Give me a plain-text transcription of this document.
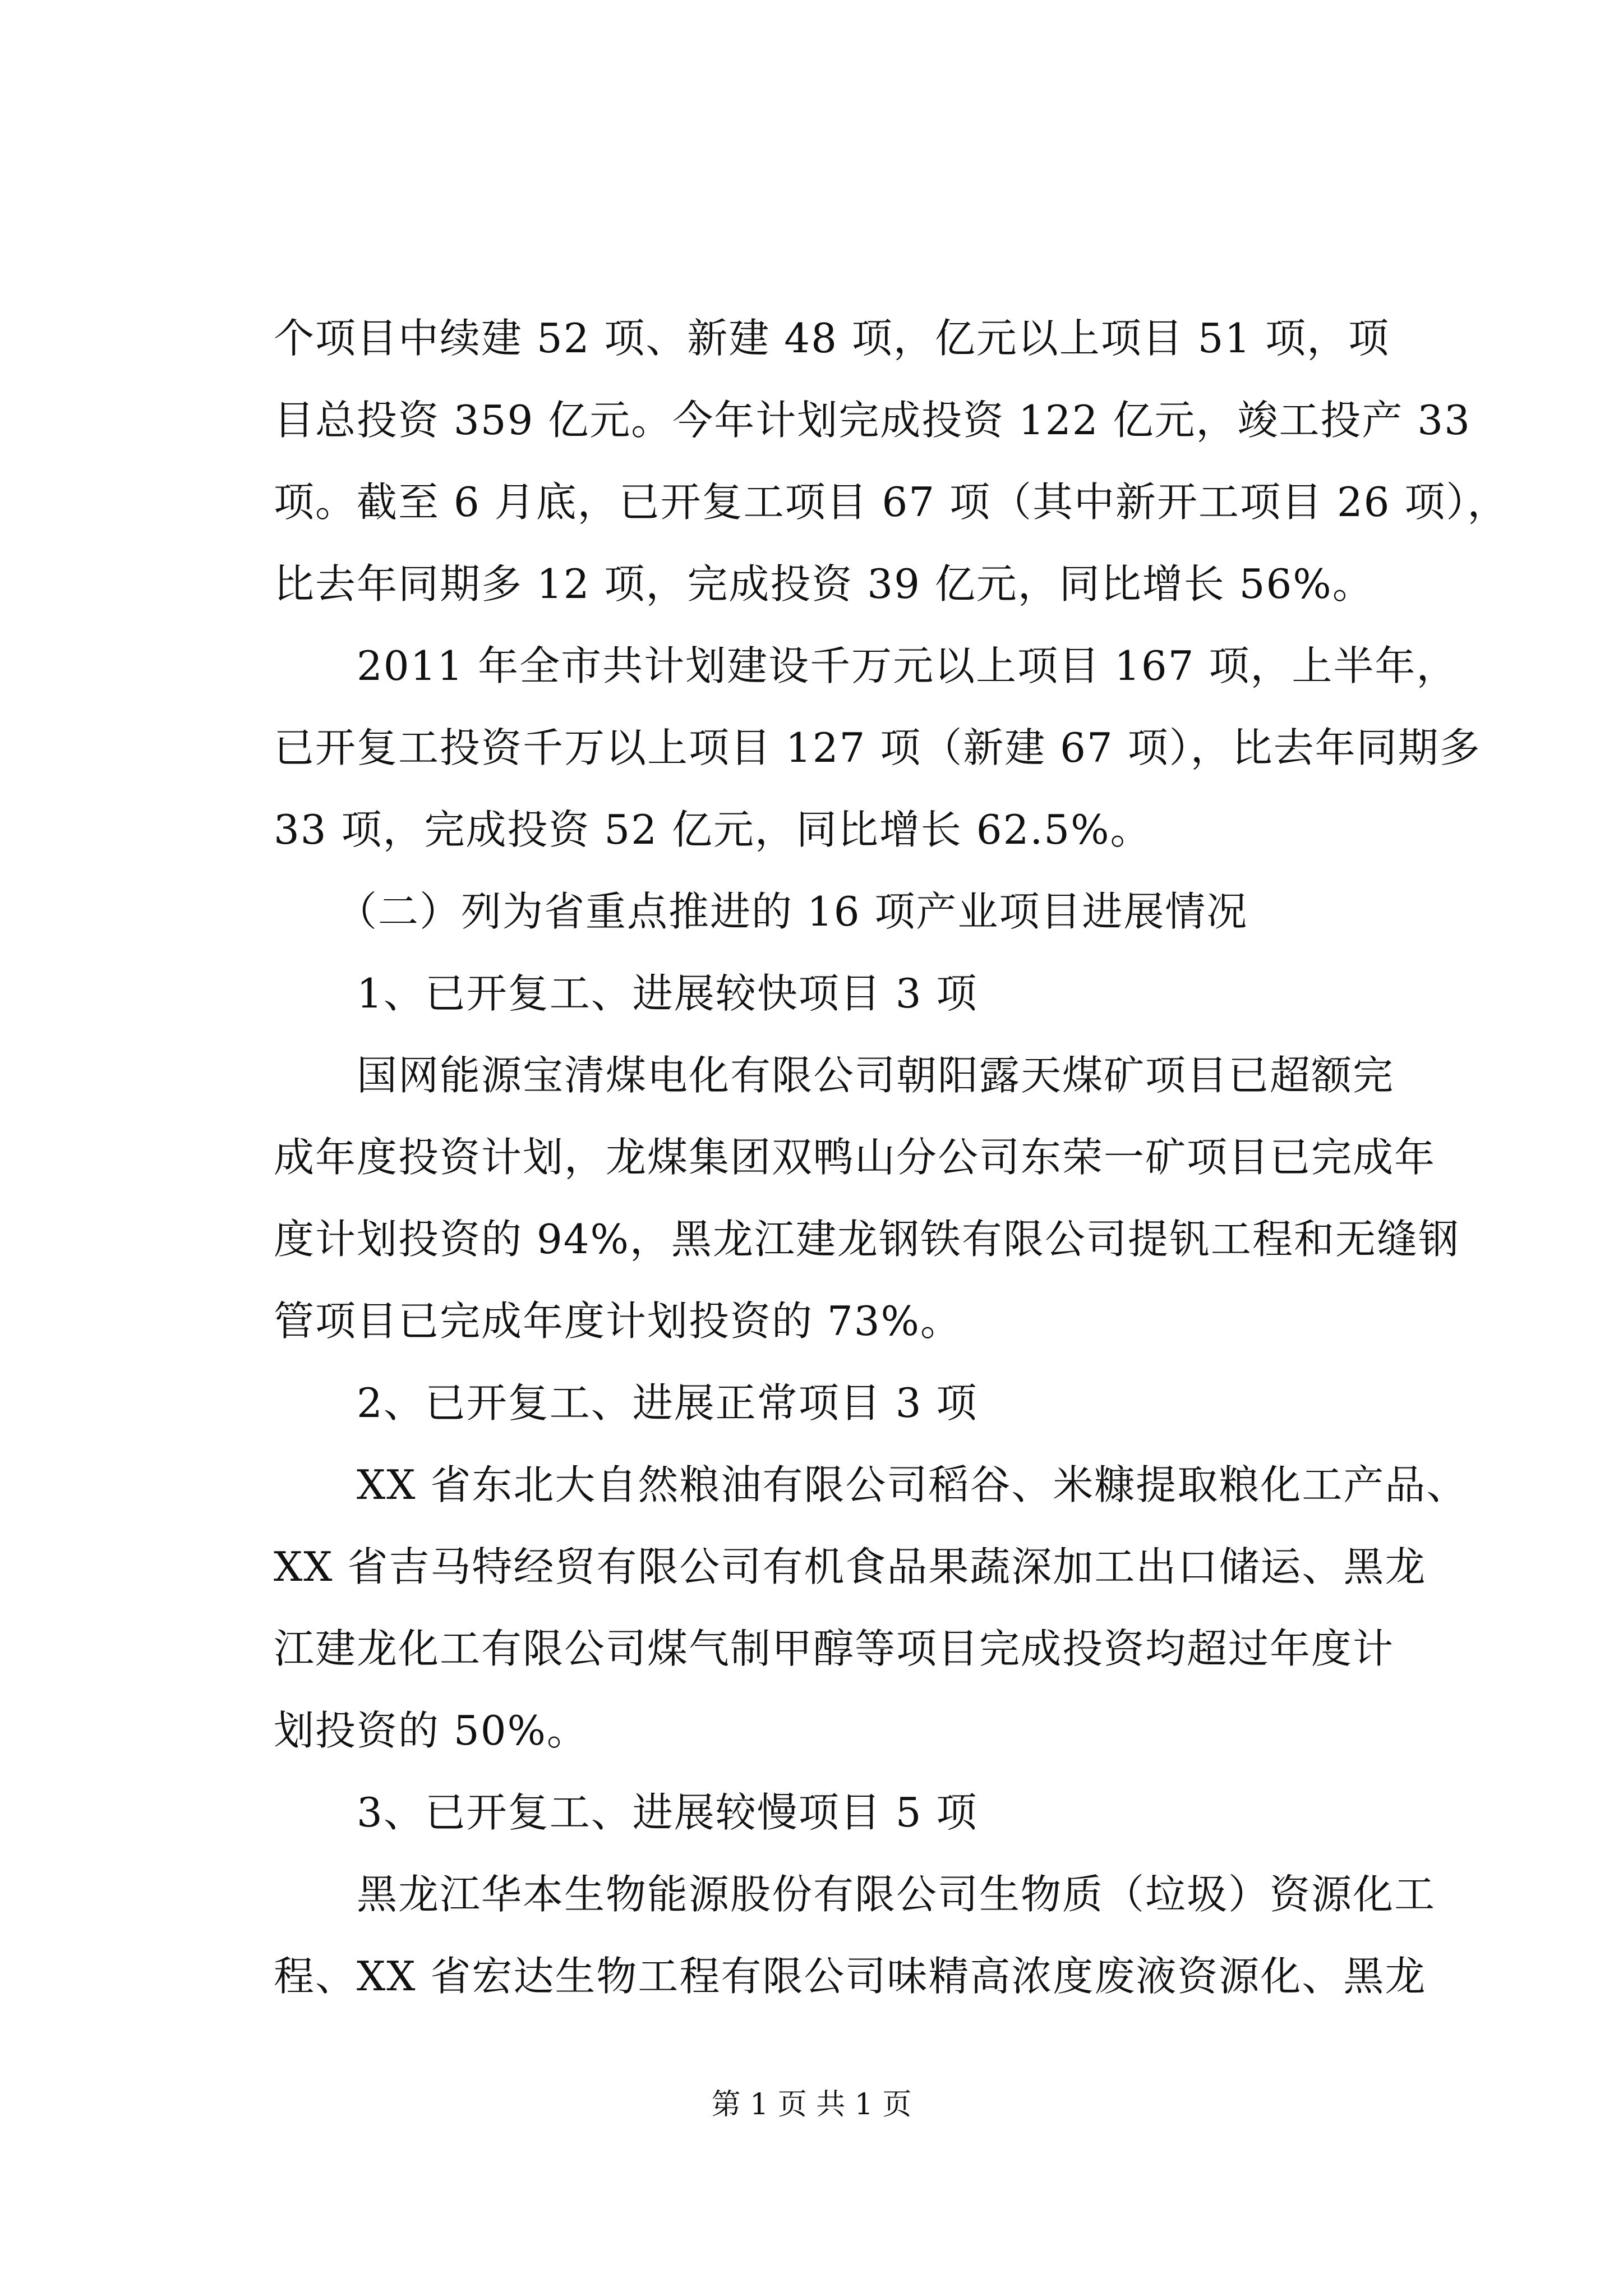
个项目中续建 52 项、新建 48 项，亿元以上项目 51 项，项
目总投资 359 亿元。今年计划完成投资 122 亿元，竣工投产 33
项。截至 6 月底，已开复工项目 67 项（其中新开工项目 26 项），
比去年同期多 12 项，完成投资 39 亿元，同比增长 56%。
　　2011 年全市共计划建设千万元以上项目 167 项，上半年，
已开复工投资千万以上项目 127 项（新建 67 项），比去年同期多
33 项，完成投资 52 亿元，同比增长 62.5%。
　　（二）列为省重点推进的 16 项产业项目进展情况
　　1、已开复工、进展较快项目 3 项
　　国网能源宝清煤电化有限公司朝阳露天煤矿项目已超额完
成年度投资计划，龙煤集团双鸭山分公司东荣一矿项目已完成年
度计划投资的 94%，黑龙江建龙钢铁有限公司提钒工程和无缝钢
管项目已完成年度计划投资的 73%。
　　2、已开复工、进展正常项目 3 项
　　XX 省东北大自然粮油有限公司稻谷、米糠提取粮化工产品、
XX 省吉马特经贸有限公司有机食品果蔬深加工出口储运、黑龙
江建龙化工有限公司煤气制甲醇等项目完成投资均超过年度计
划投资的 50%。
　　3、已开复工、进展较慢项目 5 项
　　黑龙江华本生物能源股份有限公司生物质（垃圾）资源化工
程、XX 省宏达生物工程有限公司味精高浓度废液资源化、黑龙
第 1 页 共 1 页
